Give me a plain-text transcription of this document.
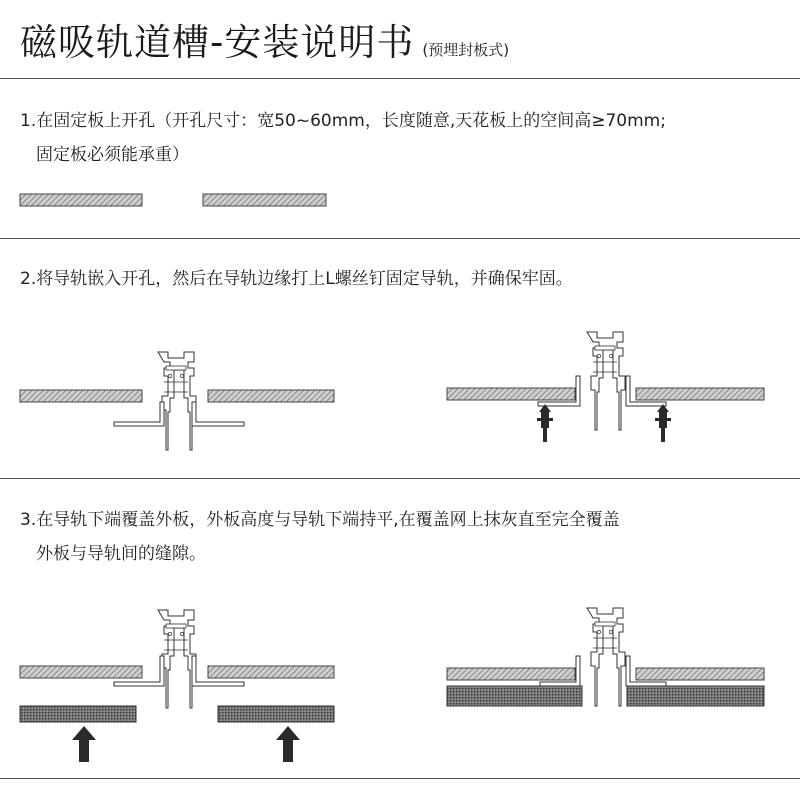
磁吸轨道槽-安装说明书 (预埋封板式)
1.在固定板上开孔（开孔尺寸：宽50~60mm，长度随意,天花板上的空间高≥70mm;
固定板必须能承重）
2.将导轨嵌入开孔，然后在导轨边缘打上L螺丝钉固定导轨，并确保牢固。
3.在导轨下端覆盖外板，外板高度与导轨下端持平,在覆盖网上抹灰直至完全覆盖
外板与导轨间的缝隙。
